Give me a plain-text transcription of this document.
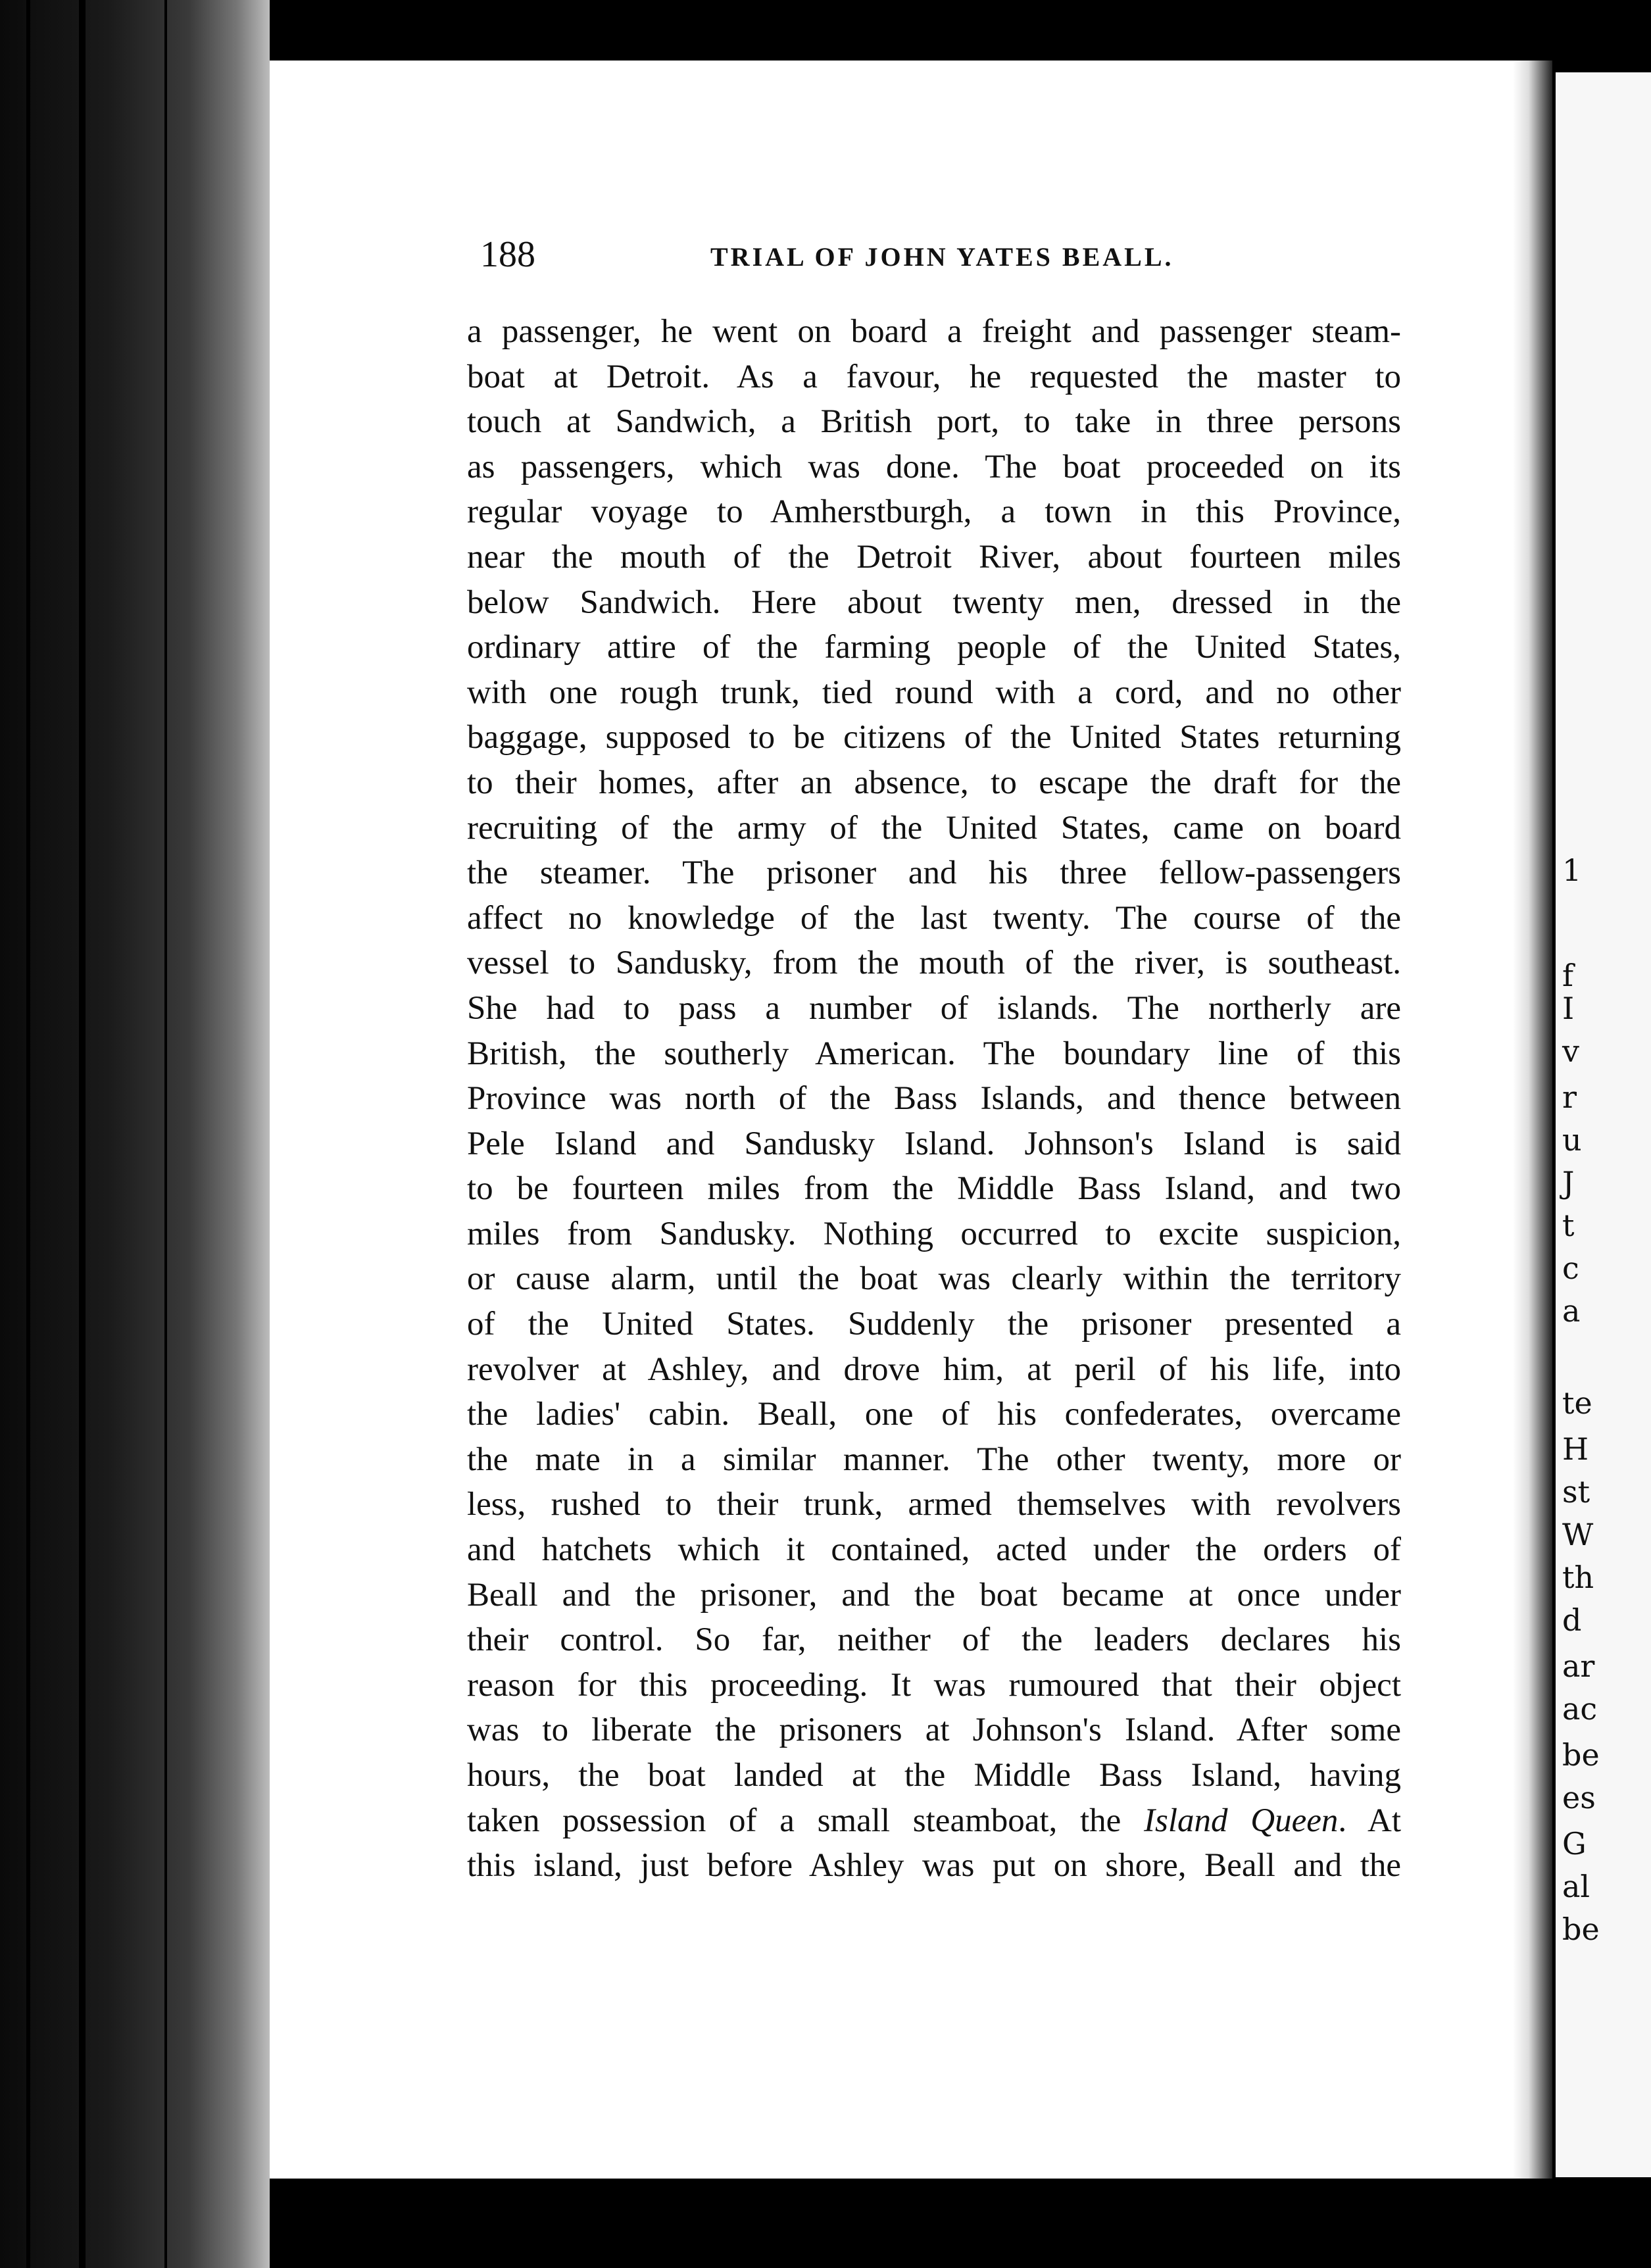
1
f
I
v
r
u
J
t
c
a
te
H
st
W
th
d
ar
ac
be
es
G
al
be
188	TRIAL OF JOHN YATES BEALL.
a passenger, he went on board a freight and passenger steam-
boat at Detroit. As a favour, he requested the master to
touch at Sandwich, a British port, to take in three persons
as passengers, which was done. The boat proceeded on its
regular voyage to Amherstburgh, a town in this Province,
near the mouth of the Detroit River, about fourteen miles
below Sandwich. Here about twenty men, dressed in the
ordinary attire of the farming people of the United States,
with one rough trunk, tied round with a cord, and no other
baggage, supposed to be citizens of the United States returning
to their homes, after an absence, to escape the draft for the
recruiting of the army of the United States, came on board
the steamer. The prisoner and his three fellow-passengers
affect no knowledge of the last twenty. The course of the
vessel to Sandusky, from the mouth of the river, is southeast.
She had to pass a number of islands. The northerly are
British, the southerly American. The boundary line of this
Province was north of the Bass Islands, and thence between
Pele Island and Sandusky Island. Johnson's Island is said
to be fourteen miles from the Middle Bass Island, and two
miles from Sandusky. Nothing occurred to excite suspicion,
or cause alarm, until the boat was clearly within the territory
of the United States. Suddenly the prisoner presented a
revolver at Ashley, and drove him, at peril of his life, into
the ladies' cabin. Beall, one of his confederates, overcame
the mate in a similar manner. The other twenty, more or
less, rushed to their trunk, armed themselves with revolvers
and hatchets which it contained, acted under the orders of
Beall and the prisoner, and the boat became at once under
their control. So far, neither of the leaders declares his
reason for this proceeding. It was rumoured that their object
was to liberate the prisoners at Johnson's Island. After some
hours, the boat landed at the Middle Bass Island, having
taken possession of a small steamboat, the Island Queen. At
this island, just before Ashley was put on shore, Beall and the
